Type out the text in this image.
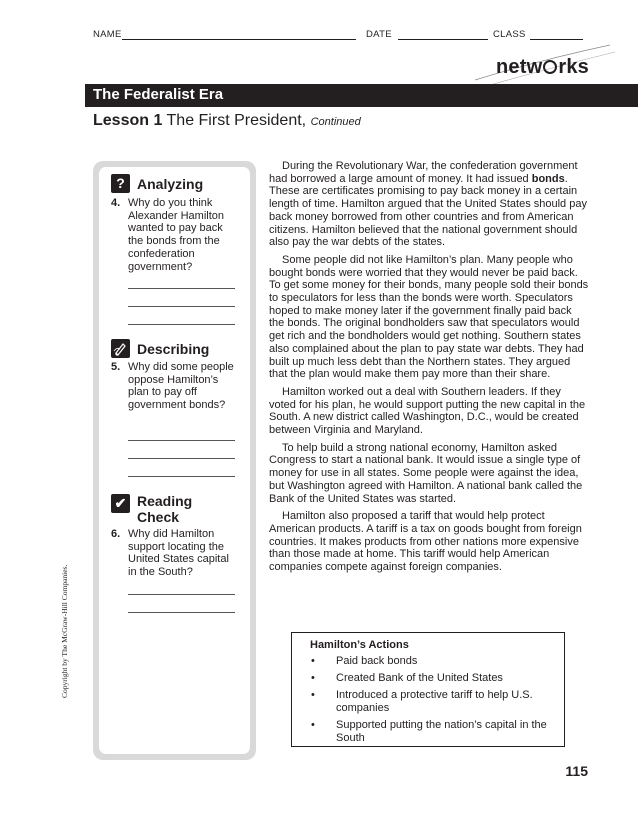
NAME	DATE	CLASS
netw rks
The Federalist Era
Lesson 1 The First President, Continued
Copyright by The McGraw-Hill Companies.
? Analyzing
4. Why do you think Alexander Hamilton wanted to pay back the bonds from the confederation government?
Describing
5. Why did some people oppose Hamilton’s plan to pay off government bonds?
✔ Reading Check
6. Why did Hamilton support locating the United States capital in the South?

During the Revolutionary War, the confederation government had borrowed a large amount of money. It had issued bonds. These are certificates promising to pay back money in a certain length of time. Hamilton argued that the United States should pay back money borrowed from other countries and from American citizens. Hamilton believed that the national government should also pay the war debts of the states.

Some people did not like Hamilton’s plan. Many people who bought bonds were worried that they would never be paid back. To get some money for their bonds, many people sold their bonds to speculators for less than the bonds were worth. Speculators hoped to make money later if the government finally paid back the bonds. The original bondholders saw that speculators would get rich and the bondholders would get nothing. Southern states also complained about the plan to pay state war debts. They had built up much less debt than the Northern states. They argued that the plan would make them pay more than their share.

Hamilton worked out a deal with Southern leaders. If they voted for his plan, he would support putting the new capital in the South. A new district called Washington, D.C., would be created between Virginia and Maryland.

To help build a strong national economy, Hamilton asked Congress to start a national bank. It would issue a single type of money for use in all states. Some people were against the idea, but Washington agreed with Hamilton. A national bank called the Bank of the United States was started.

Hamilton also proposed a tariff that would help protect American products. A tariff is a tax on goods bought from foreign countries. It makes products from other nations more expensive than those made at home. This tariff would help American companies compete against foreign companies.

Hamilton’s Actions
• Paid back bonds
• Created Bank of the United States
• Introduced a protective tariff to help U.S. companies
• Supported putting the nation’s capital in the South
115
